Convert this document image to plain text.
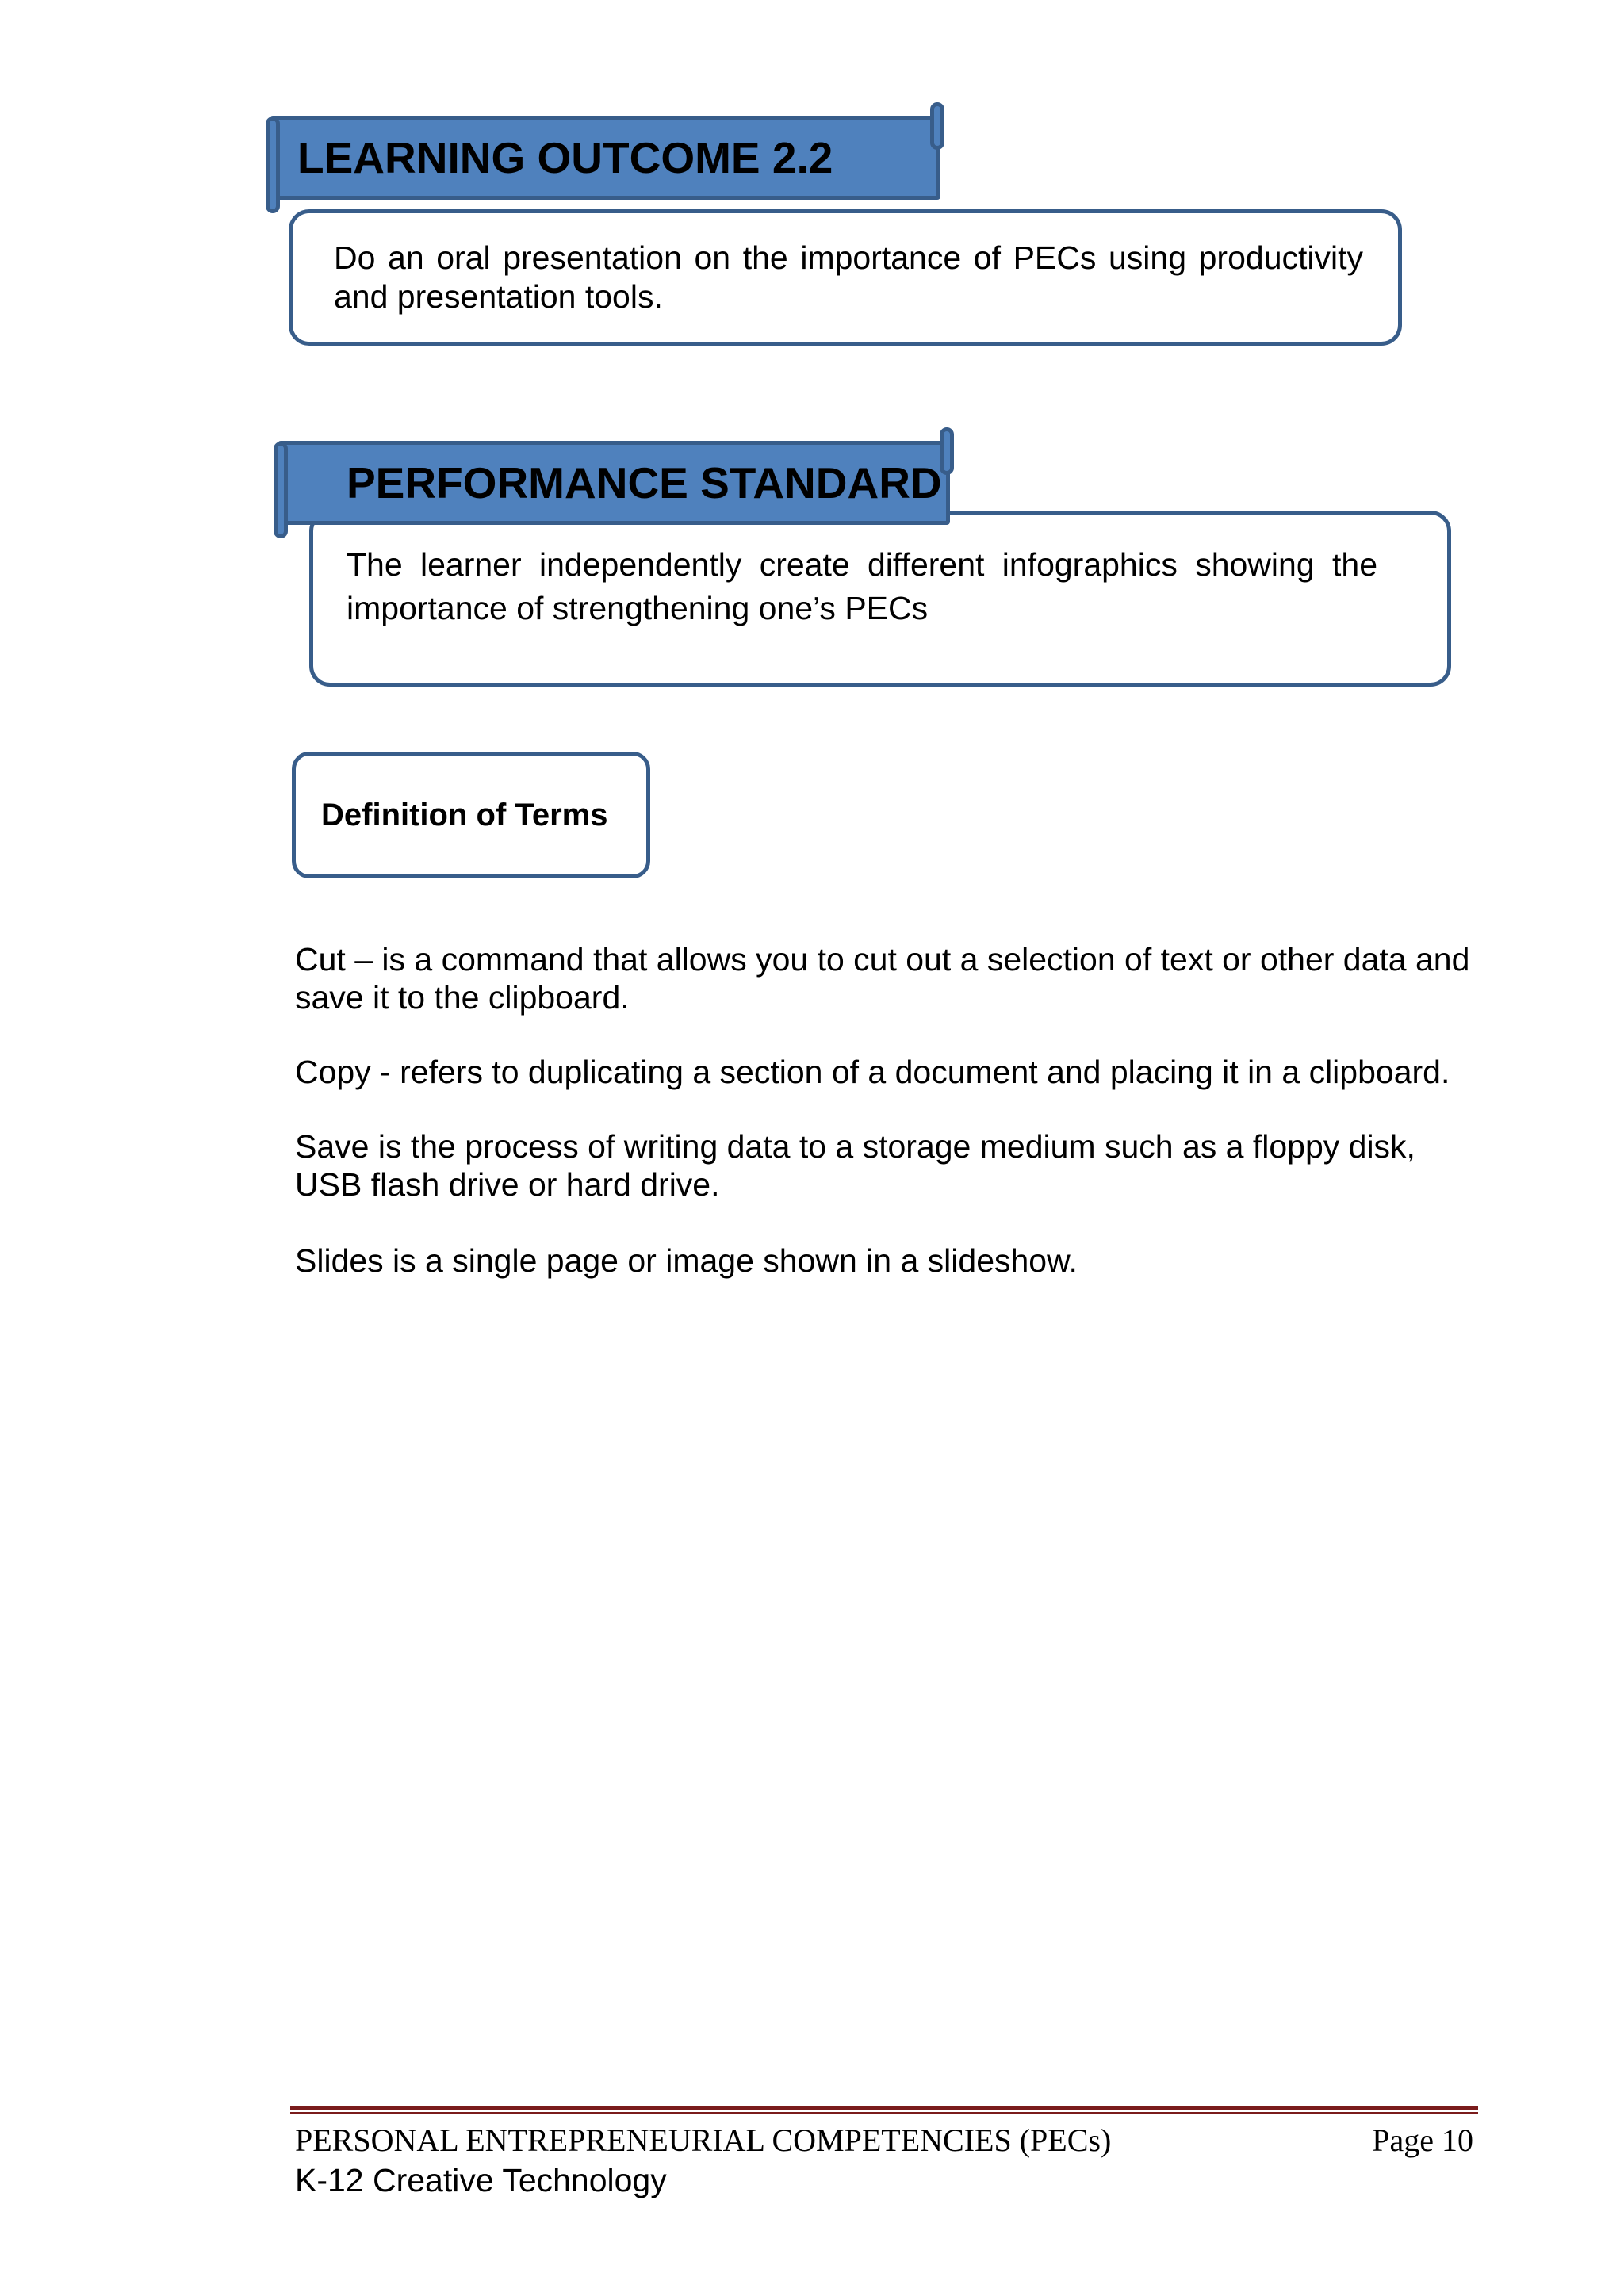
Do an oral presentation on the importance of PECs using productivity and presentation tools.
LEARNING OUTCOME 2.2
The learner independently create different infographics showing the importance of strengthening one’s PECs
PERFORMANCE STANDARD
Definition of Terms
Cut – is a command that allows you to cut out a selection of text or other data and save it to the clipboard.
Copy - refers to duplicating a section of a document and placing it in a clipboard.
Save is the process of writing data to a storage medium such as a floppy disk, USB flash drive or hard drive.
Slides is a single page or image shown in a slideshow.
PERSONAL ENTREPRENEURIAL COMPETENCIES (PECs)	Page 10
K-12 Creative Technology
